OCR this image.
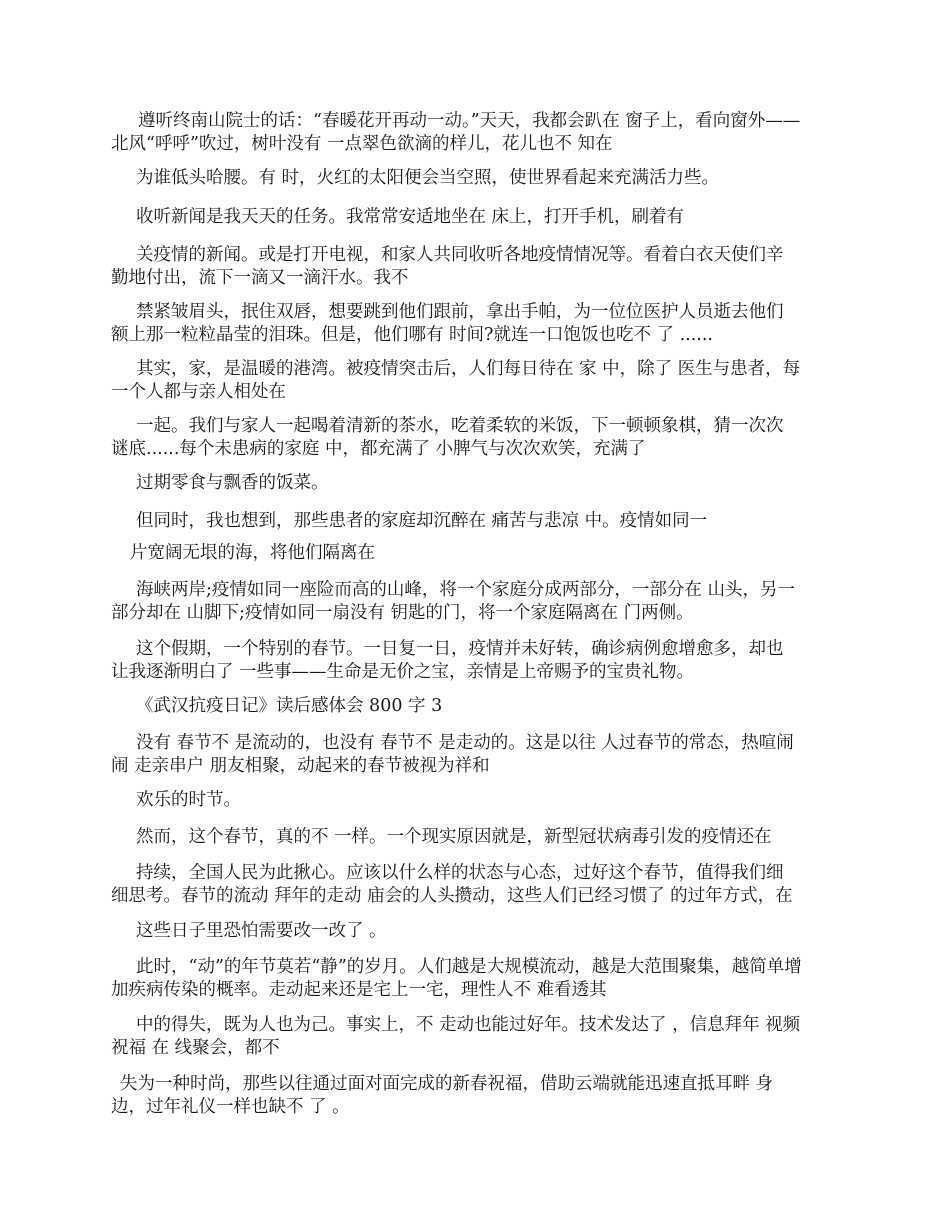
遵听终南山院士的话：“春暖花开再动一动。”天天，我都会趴在 窗子上，看向窗外——
北风“呼呼”吹过，树叶没有 一点翠色欲滴的样儿，花儿也不 知在
为谁低头哈腰。有 时，火红的太阳便会当空照，使世界看起来充满活力些。
收听新闻是我天天的任务。我常常安适地坐在 床上，打开手机，刷着有
关疫情的新闻。或是打开电视，和家人共同收听各地疫情情况等。看着白衣天使们辛
勤地付出，流下一滴又一滴汗水。我不
禁紧皱眉头，抿住双唇，想要跳到他们跟前，拿出手帕，为一位位医护人员逝去他们
额上那一粒粒晶莹的泪珠。但是，他们哪有 时间?就连一口饱饭也吃不 了 ......
其实，家，是温暖的港湾。被疫情突击后，人们每日待在 家 中，除了 医生与患者，每
一个人都与亲人相处在
一起。我们与家人一起喝着清新的茶水，吃着柔软的米饭，下一顿顿象棋，猜一次次
谜底......每个未患病的家庭 中，都充满了 小脾气与次次欢笑，充满了
过期零食与飘香的饭菜。
但同时，我也想到，那些患者的家庭却沉醉在 痛苦与悲凉 中。疫情如同一
片宽阔无垠的海，将他们隔离在
海峡两岸;疫情如同一座险而高的山峰，将一个家庭分成两部分，一部分在 山头，另一
部分却在 山脚下;疫情如同一扇没有 钥匙的门，将一个家庭隔离在 门两侧。
这个假期，一个特别的春节。一日复一日，疫情并未好转，确诊病例愈增愈多，却也
让我逐渐明白了 一些事——生命是无价之宝，亲情是上帝赐予的宝贵礼物。
《武汉抗疫日记》读后感体会 800 字 3
没有 春节不 是流动的，也没有 春节不 是走动的。这是以往 人过春节的常态，热喧闹
闹 走亲串户 朋友相聚，动起来的春节被视为祥和
欢乐的时节。
然而，这个春节，真的不 一样。一个现实原因就是，新型冠状病毒引发的疫情还在
持续，全国人民为此揪心。应该以什么样的状态与心态，过好这个春节，值得我们细
细思考。春节的流动 拜年的走动 庙会的人头攒动，这些人们已经习惯了 的过年方式，在
这些日子里恐怕需要改一改了 。
此时，“动”的年节莫若“静”的岁月。人们越是大规模流动，越是大范围聚集，越简单增
加疾病传染的概率。走动起来还是宅上一宅，理性人不 难看透其
中的得失，既为人也为己。事实上，不 走动也能过好年。技术发达了 ，信息拜年 视频
祝福 在 线聚会，都不
失为一种时尚，那些以往通过面对面完成的新春祝福，借助云端就能迅速直抵耳畔 身
边，过年礼仪一样也缺不 了 。
